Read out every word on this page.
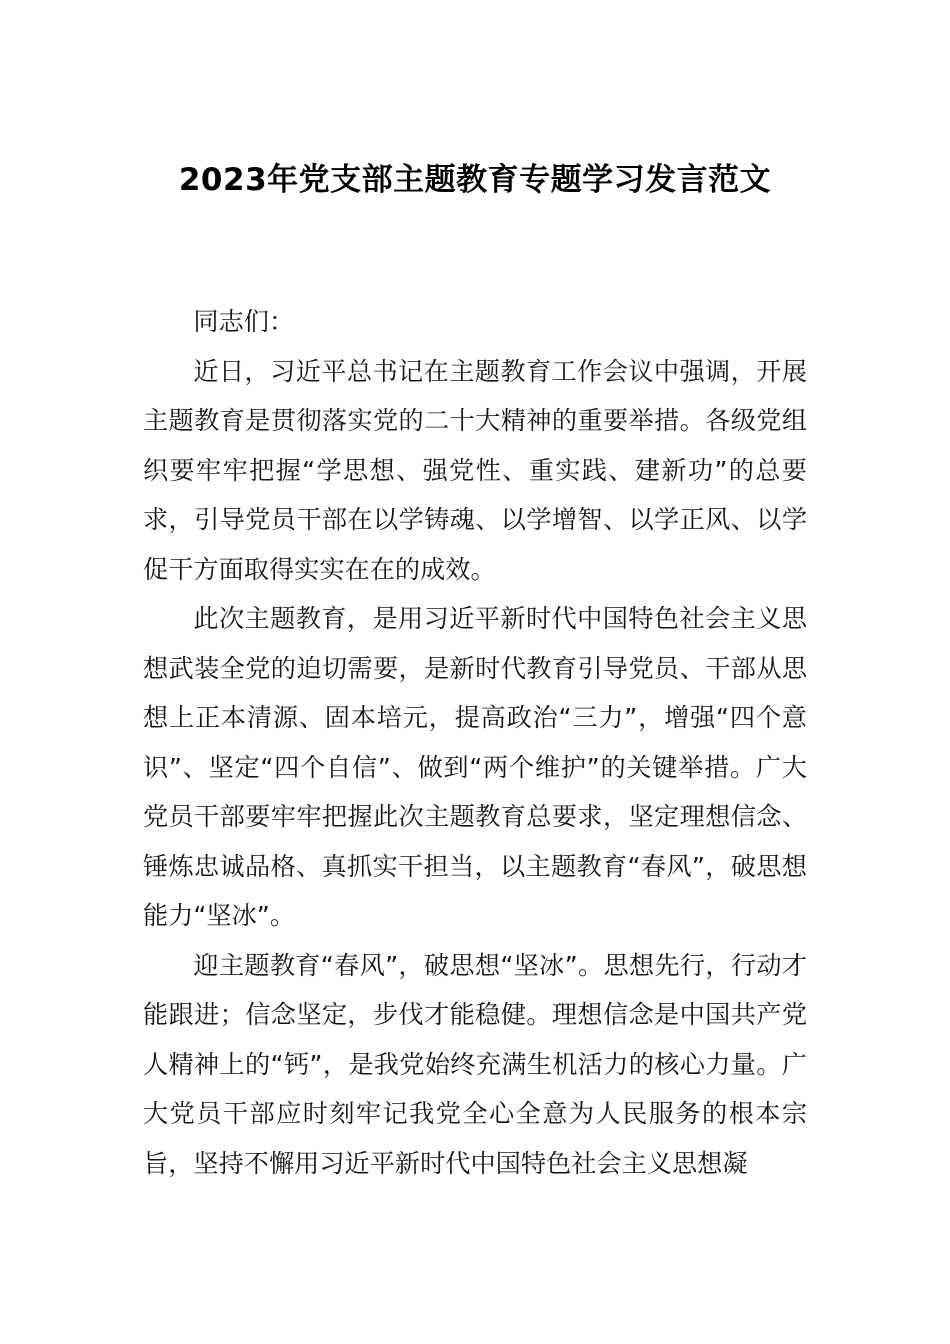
2023年党支部主题教育专题学习发言范文

同志们：

近日，习近平总书记在主题教育工作会议中强调，开展主题教育是贯彻落实党的二十大精神的重要举措。各级党组织要牢牢把握“学思想、强党性、重实践、建新功”的总要求，引导党员干部在以学铸魂、以学增智、以学正风、以学促干方面取得实实在在的成效。

此次主题教育，是用习近平新时代中国特色社会主义思想武装全党的迫切需要，是新时代教育引导党员、干部从思想上正本清源、固本培元，提高政治“三力”，增强“四个意识”、坚定“四个自信”、做到“两个维护”的关键举措。广大党员干部要牢牢把握此次主题教育总要求，坚定理想信念、锤炼忠诚品格、真抓实干担当，以主题教育“春风”，破思想能力“坚冰”。

迎主题教育“春风”，破思想“坚冰”。思想先行，行动才能跟进；信念坚定，步伐才能稳健。理想信念是中国共产党人精神上的“钙”，是我党始终充满生机活力的核心力量。广大党员干部应时刻牢记我党全心全意为人民服务的根本宗旨，坚持不懈用习近平新时代中国特色社会主义思想凝
